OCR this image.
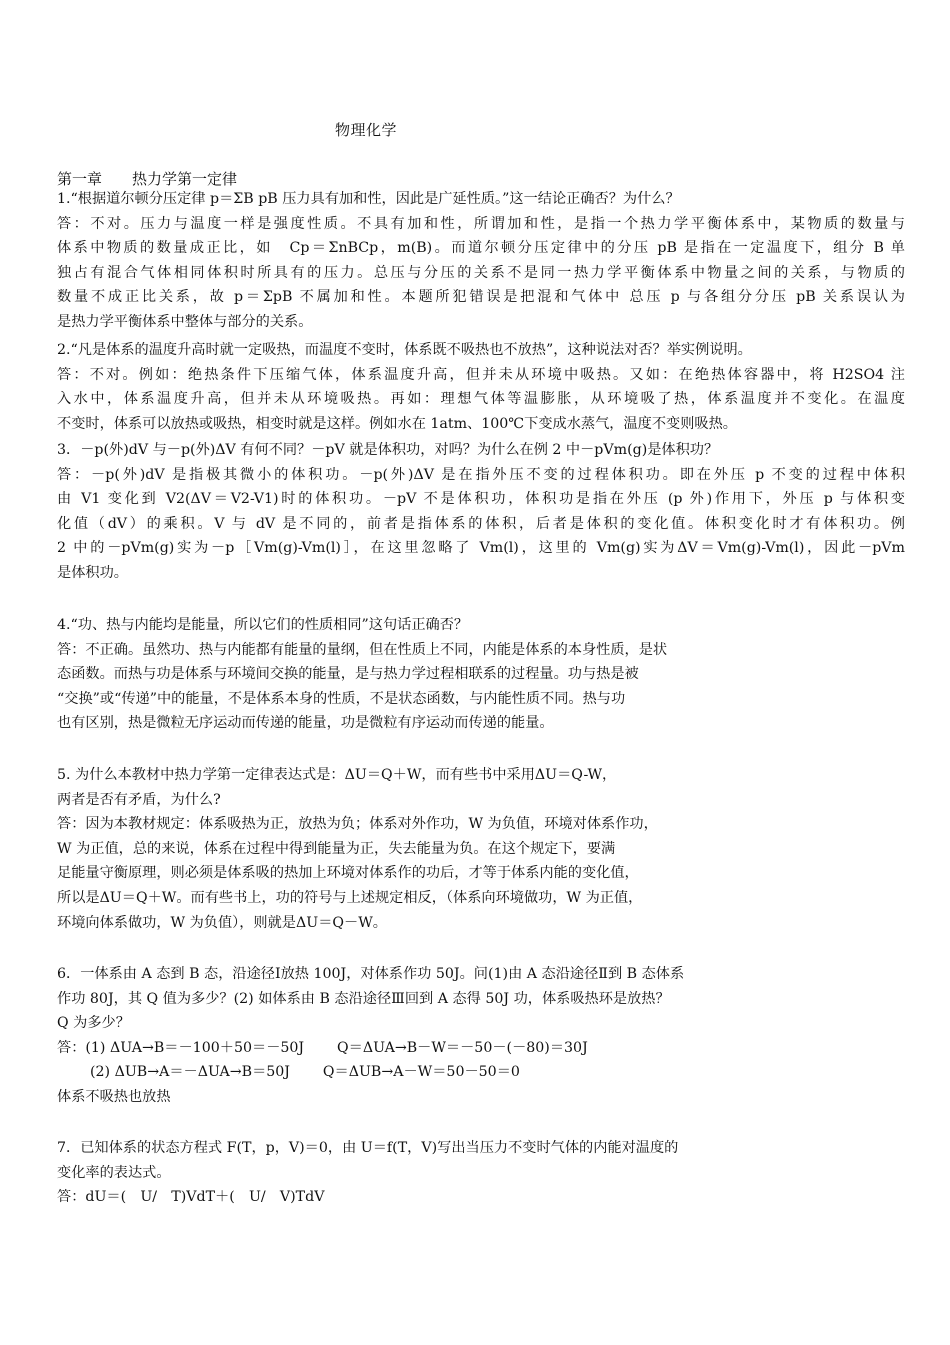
物理化学
第一章　　热力学第一定律
1.“根据道尔顿分压定律 p＝ΣB pB 压力具有加和性，因此是广延性质。”这一结论正确否？为什么？
答：不对。压力与温度一样是强度性质。不具有加和性，所谓加和性，是指一个热力学平衡体系中，某物质的数量与
体系中物质的数量成正比，如　Cp＝ΣnBCp，m(B)。而道尔顿分压定律中的分压 pB 是指在一定温度下，组分 B 单
独占有混合气体相同体积时所具有的压力。总压与分压的关系不是同一热力学平衡体系中物量之间的关系，与物质的
数量不成正比关系，故 p＝ΣpB 不属加和性。本题所犯错误是把混和气体中 总压 p 与各组分分压 pB 关系误认为
是热力学平衡体系中整体与部分的关系。
2.“凡是体系的温度升高时就一定吸热，而温度不变时，体系既不吸热也不放热”，这种说法对否？举实例说明。
答：不对。例如：绝热条件下压缩气体，体系温度升高，但并未从环境中吸热。又如：在绝热体容器中，将 H2SO4 注
入水中，体系温度升高，但并未从环境吸热。再如：理想气体等温膨胀，从环境吸了热，体系温度并不变化。在温度
不变时，体系可以放热或吸热，相变时就是这样。例如水在 1atm、100℃下变成水蒸气，温度不变则吸热。
3．－p(外)dV 与－p(外)ΔV 有何不同？－pV 就是体积功，对吗？为什么在例 2 中－pVm(g)是体积功？
答：－p(外)dV 是指极其微小的体积功。－p(外)ΔV 是在指外压不变的过程体积功。即在外压 p 不变的过程中体积
由 V1 变化到 V2(ΔV＝V2-V1)时的体积功。－pV 不是体积功，体积功是指在外压 (p 外)作用下，外压 p 与体积变
化值（dV）的乘积。V 与 dV 是不同的，前者是指体系的体积，后者是体积的变化值。体积变化时才有体积功。例
2 中的－pVm(g)实为－p［Vm(g)-Vm(l)］，在这里忽略了 Vm(l)，这里的 Vm(g)实为ΔV＝Vm(g)-Vm(l)，因此－pVm
是体积功。
4.“功、热与内能均是能量，所以它们的性质相同”这句话正确否？
答：不正确。虽然功、热与内能都有能量的量纲，但在性质上不同，内能是体系的本身性质，是状
态函数。而热与功是体系与环境间交换的能量，是与热力学过程相联系的过程量。功与热是被
“交换”或“传递”中的能量，不是体系本身的性质，不是状态函数，与内能性质不同。热与功
也有区别，热是微粒无序运动而传递的能量，功是微粒有序运动而传递的能量。
5. 为什么本教材中热力学第一定律表达式是：ΔU＝Q＋W，而有些书中采用ΔU＝Q-W，
两者是否有矛盾，为什么?
答：因为本教材规定：体系吸热为正，放热为负；体系对外作功，W 为负值，环境对体系作功，
W 为正值，总的来说，体系在过程中得到能量为正，失去能量为负。在这个规定下，要满
足能量守衡原理，则必须是体系吸的热加上环境对体系作的功后，才等于体系内能的变化值，
所以是ΔU＝Q＋W。而有些书上，功的符号与上述规定相反，（体系向环境做功，W 为正值，
环境向体系做功，W 为负值），则就是ΔU＝Q－W。
6．一体系由 A 态到 B 态，沿途径Ⅰ放热 100J，对体系作功 50J。问(1)由 A 态沿途径Ⅱ到 B 态体系
作功 80J，其 Q 值为多少？(2) 如体系由 B 态沿途径Ⅲ回到 A 态得 50J 功，体系吸热环是放热？
Q 为多少？
答：(1) ΔUA→B＝－100＋50＝－50J　　 Q＝ΔUA→B－W＝－50－(－80)＝30J
(2) ΔUB→A＝－ΔUA→B＝50J　　 Q＝ΔUB→A－W＝50－50＝0
体系不吸热也放热
7．已知体系的状态方程式 F(T，p，V)＝0，由 U＝f(T，V)写出当压力不变时气体的内能对温度的
变化率的表达式。
答：dU＝(　U/　T)VdT＋(　U/　V)TdV
